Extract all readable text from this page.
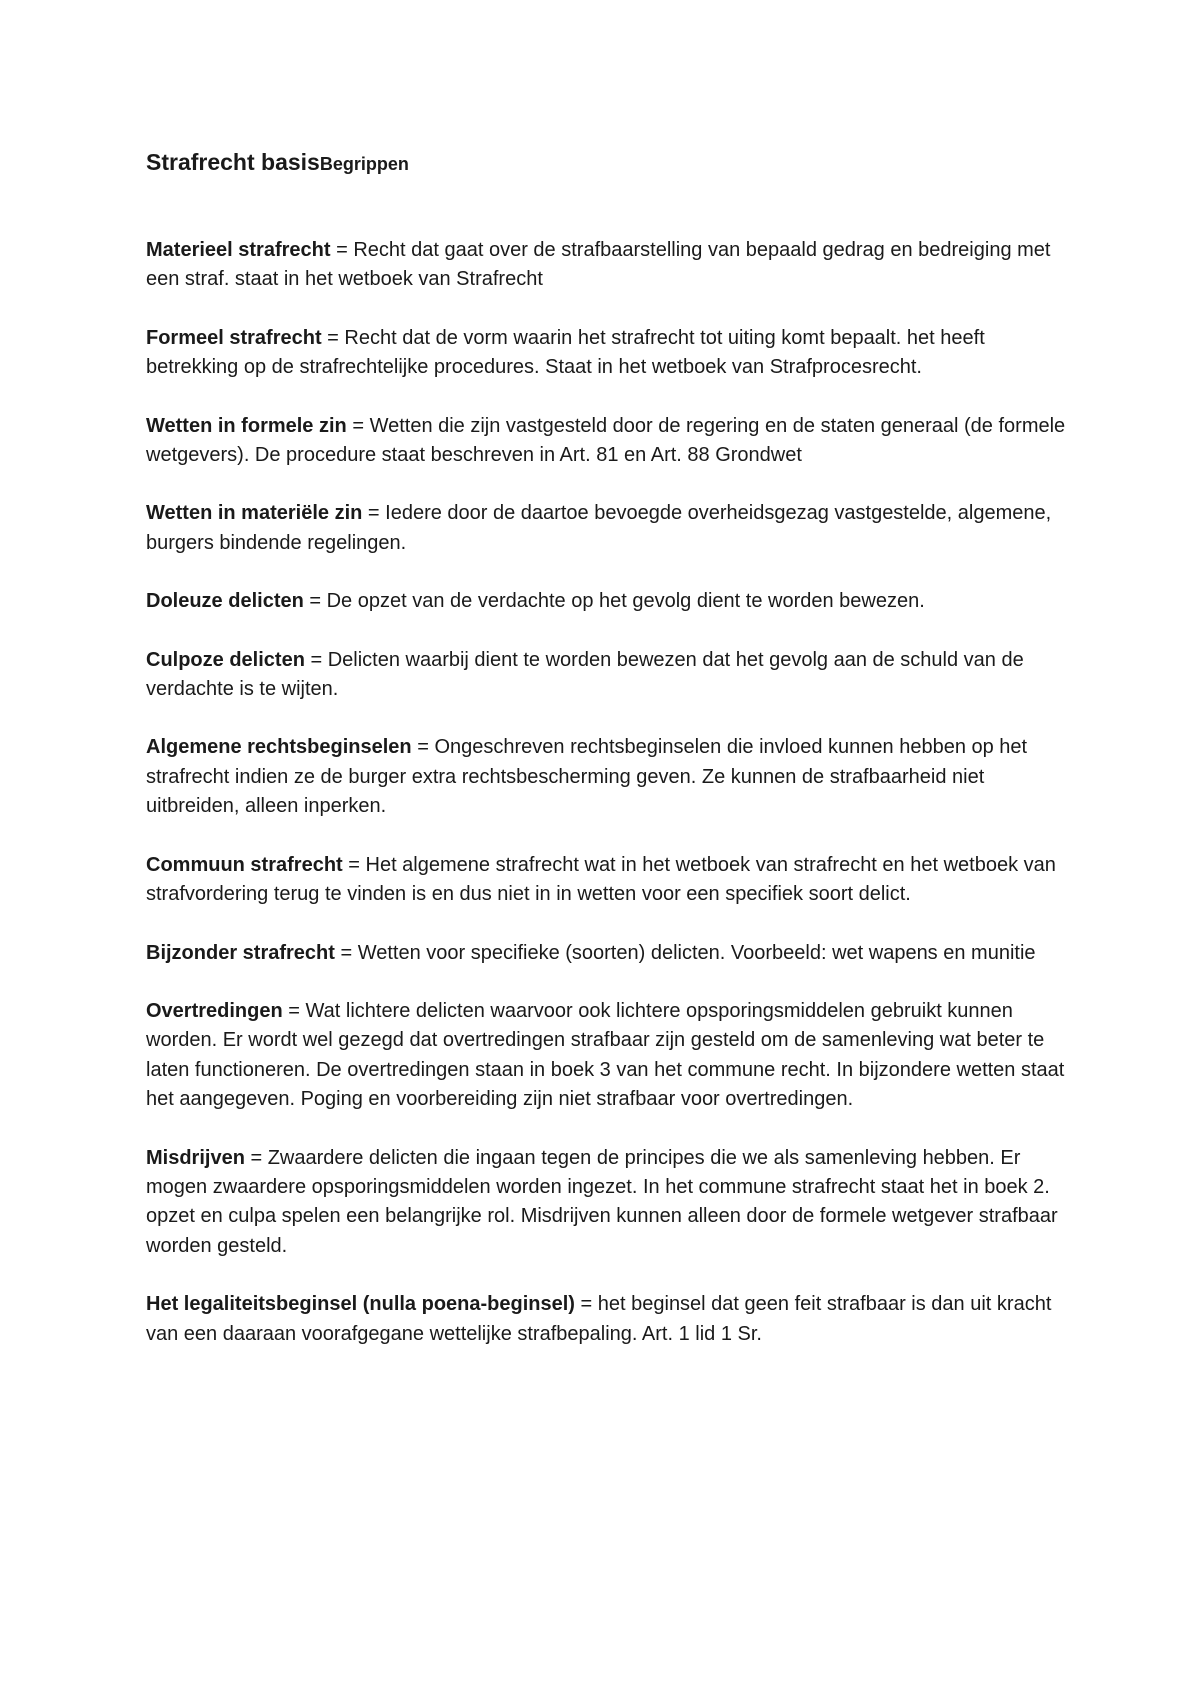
Strafrecht basisBegrippen

Materieel strafrecht = Recht dat gaat over de strafbaarstelling van bepaald gedrag en bedreiging met een straf. staat in het wetboek van Strafrecht

Formeel strafrecht = Recht dat de vorm waarin het strafrecht tot uiting komt bepaalt. het heeft betrekking op de strafrechtelijke procedures. Staat in het wetboek van Strafprocesrecht.

Wetten in formele zin = Wetten die zijn vastgesteld door de regering en de staten generaal (de formele wetgevers). De procedure staat beschreven in Art. 81 en Art. 88 Grondwet

Wetten in materiële zin = Iedere door de daartoe bevoegde overheidsgezag vastgestelde, algemene, burgers bindende regelingen.

Doleuze delicten = De opzet van de verdachte op het gevolg dient te worden bewezen.

Culpoze delicten = Delicten waarbij dient te worden bewezen dat het gevolg aan de schuld van de verdachte is te wijten.

Algemene rechtsbeginselen = Ongeschreven rechtsbeginselen die invloed kunnen hebben op het strafrecht indien ze de burger extra rechtsbescherming geven. Ze kunnen de strafbaarheid niet uitbreiden, alleen inperken.

Commuun strafrecht = Het algemene strafrecht wat in het wetboek van strafrecht en het wetboek van strafvordering terug te vinden is en dus niet in in wetten voor een specifiek soort delict.

Bijzonder strafrecht = Wetten voor specifieke (soorten) delicten. Voorbeeld: wet wapens en munitie

Overtredingen = Wat lichtere delicten waarvoor ook lichtere opsporingsmiddelen gebruikt kunnen worden. Er wordt wel gezegd dat overtredingen strafbaar zijn gesteld om de samenleving wat beter te laten functioneren. De overtredingen staan in boek 3 van het commune recht. In bijzondere wetten staat het aangegeven. Poging en voorbereiding zijn niet strafbaar voor overtredingen.

Misdrijven = Zwaardere delicten die ingaan tegen de principes die we als samenleving hebben. Er mogen zwaardere opsporingsmiddelen worden ingezet. In het commune strafrecht staat het in boek 2. opzet en culpa spelen een belangrijke rol. Misdrijven kunnen alleen door de formele wetgever strafbaar worden gesteld.

Het legaliteitsbeginsel (nulla poena-beginsel) = het beginsel dat geen feit strafbaar is dan uit kracht van een daaraan voorafgegane wettelijke strafbepaling. Art. 1 lid 1 Sr.
